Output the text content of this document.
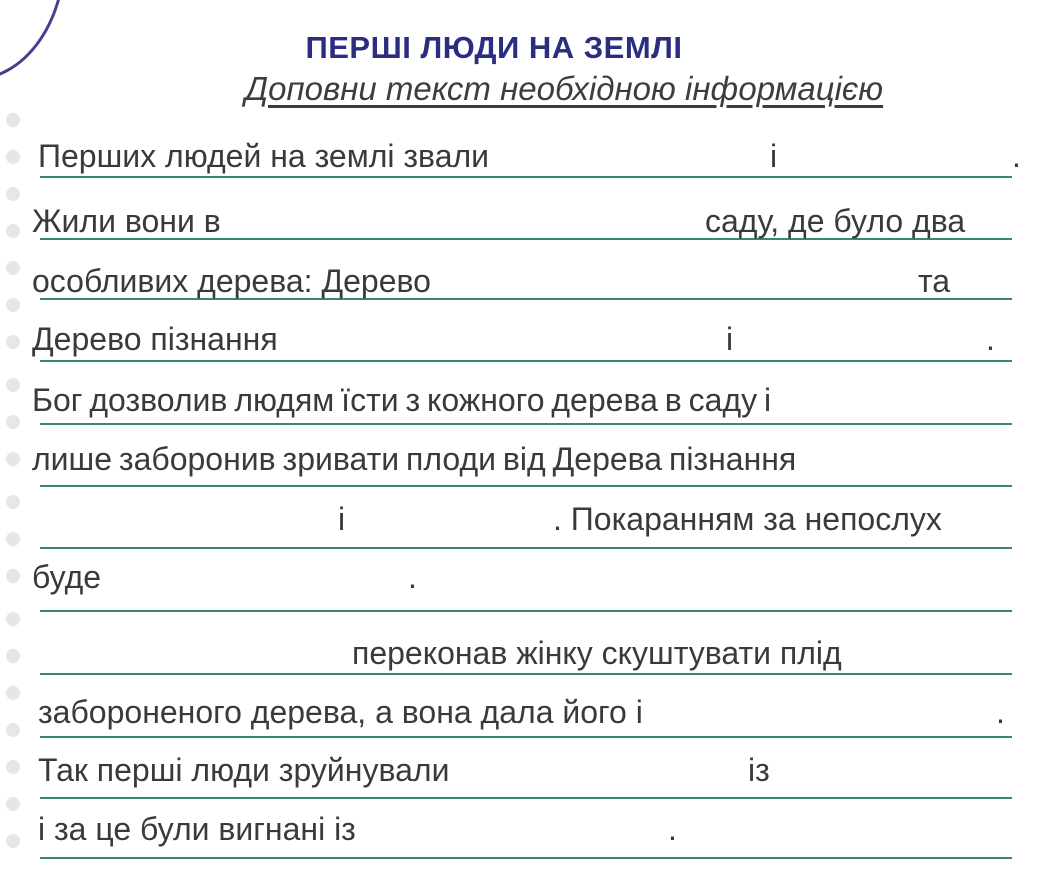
ПЕРШІ ЛЮДИ НА ЗЕМЛІ
Доповни текст необхідною інформацією
Перших людей на землі звали	і	.
Жили вони в	саду, де було два
особливих дерева: Дерево	та
Дерево пізнання	і	.
Бог дозволив людям їсти з кожного дерева в саду і
лише заборонив зривати плоди від Дерева пізнання
і	. Покаранням за непослух
буде	.
переконав жінку скуштувати плід
забороненого дерева, а вона дала його і	.
Так перші люди зруйнували	із
і за це були вигнані із	.
